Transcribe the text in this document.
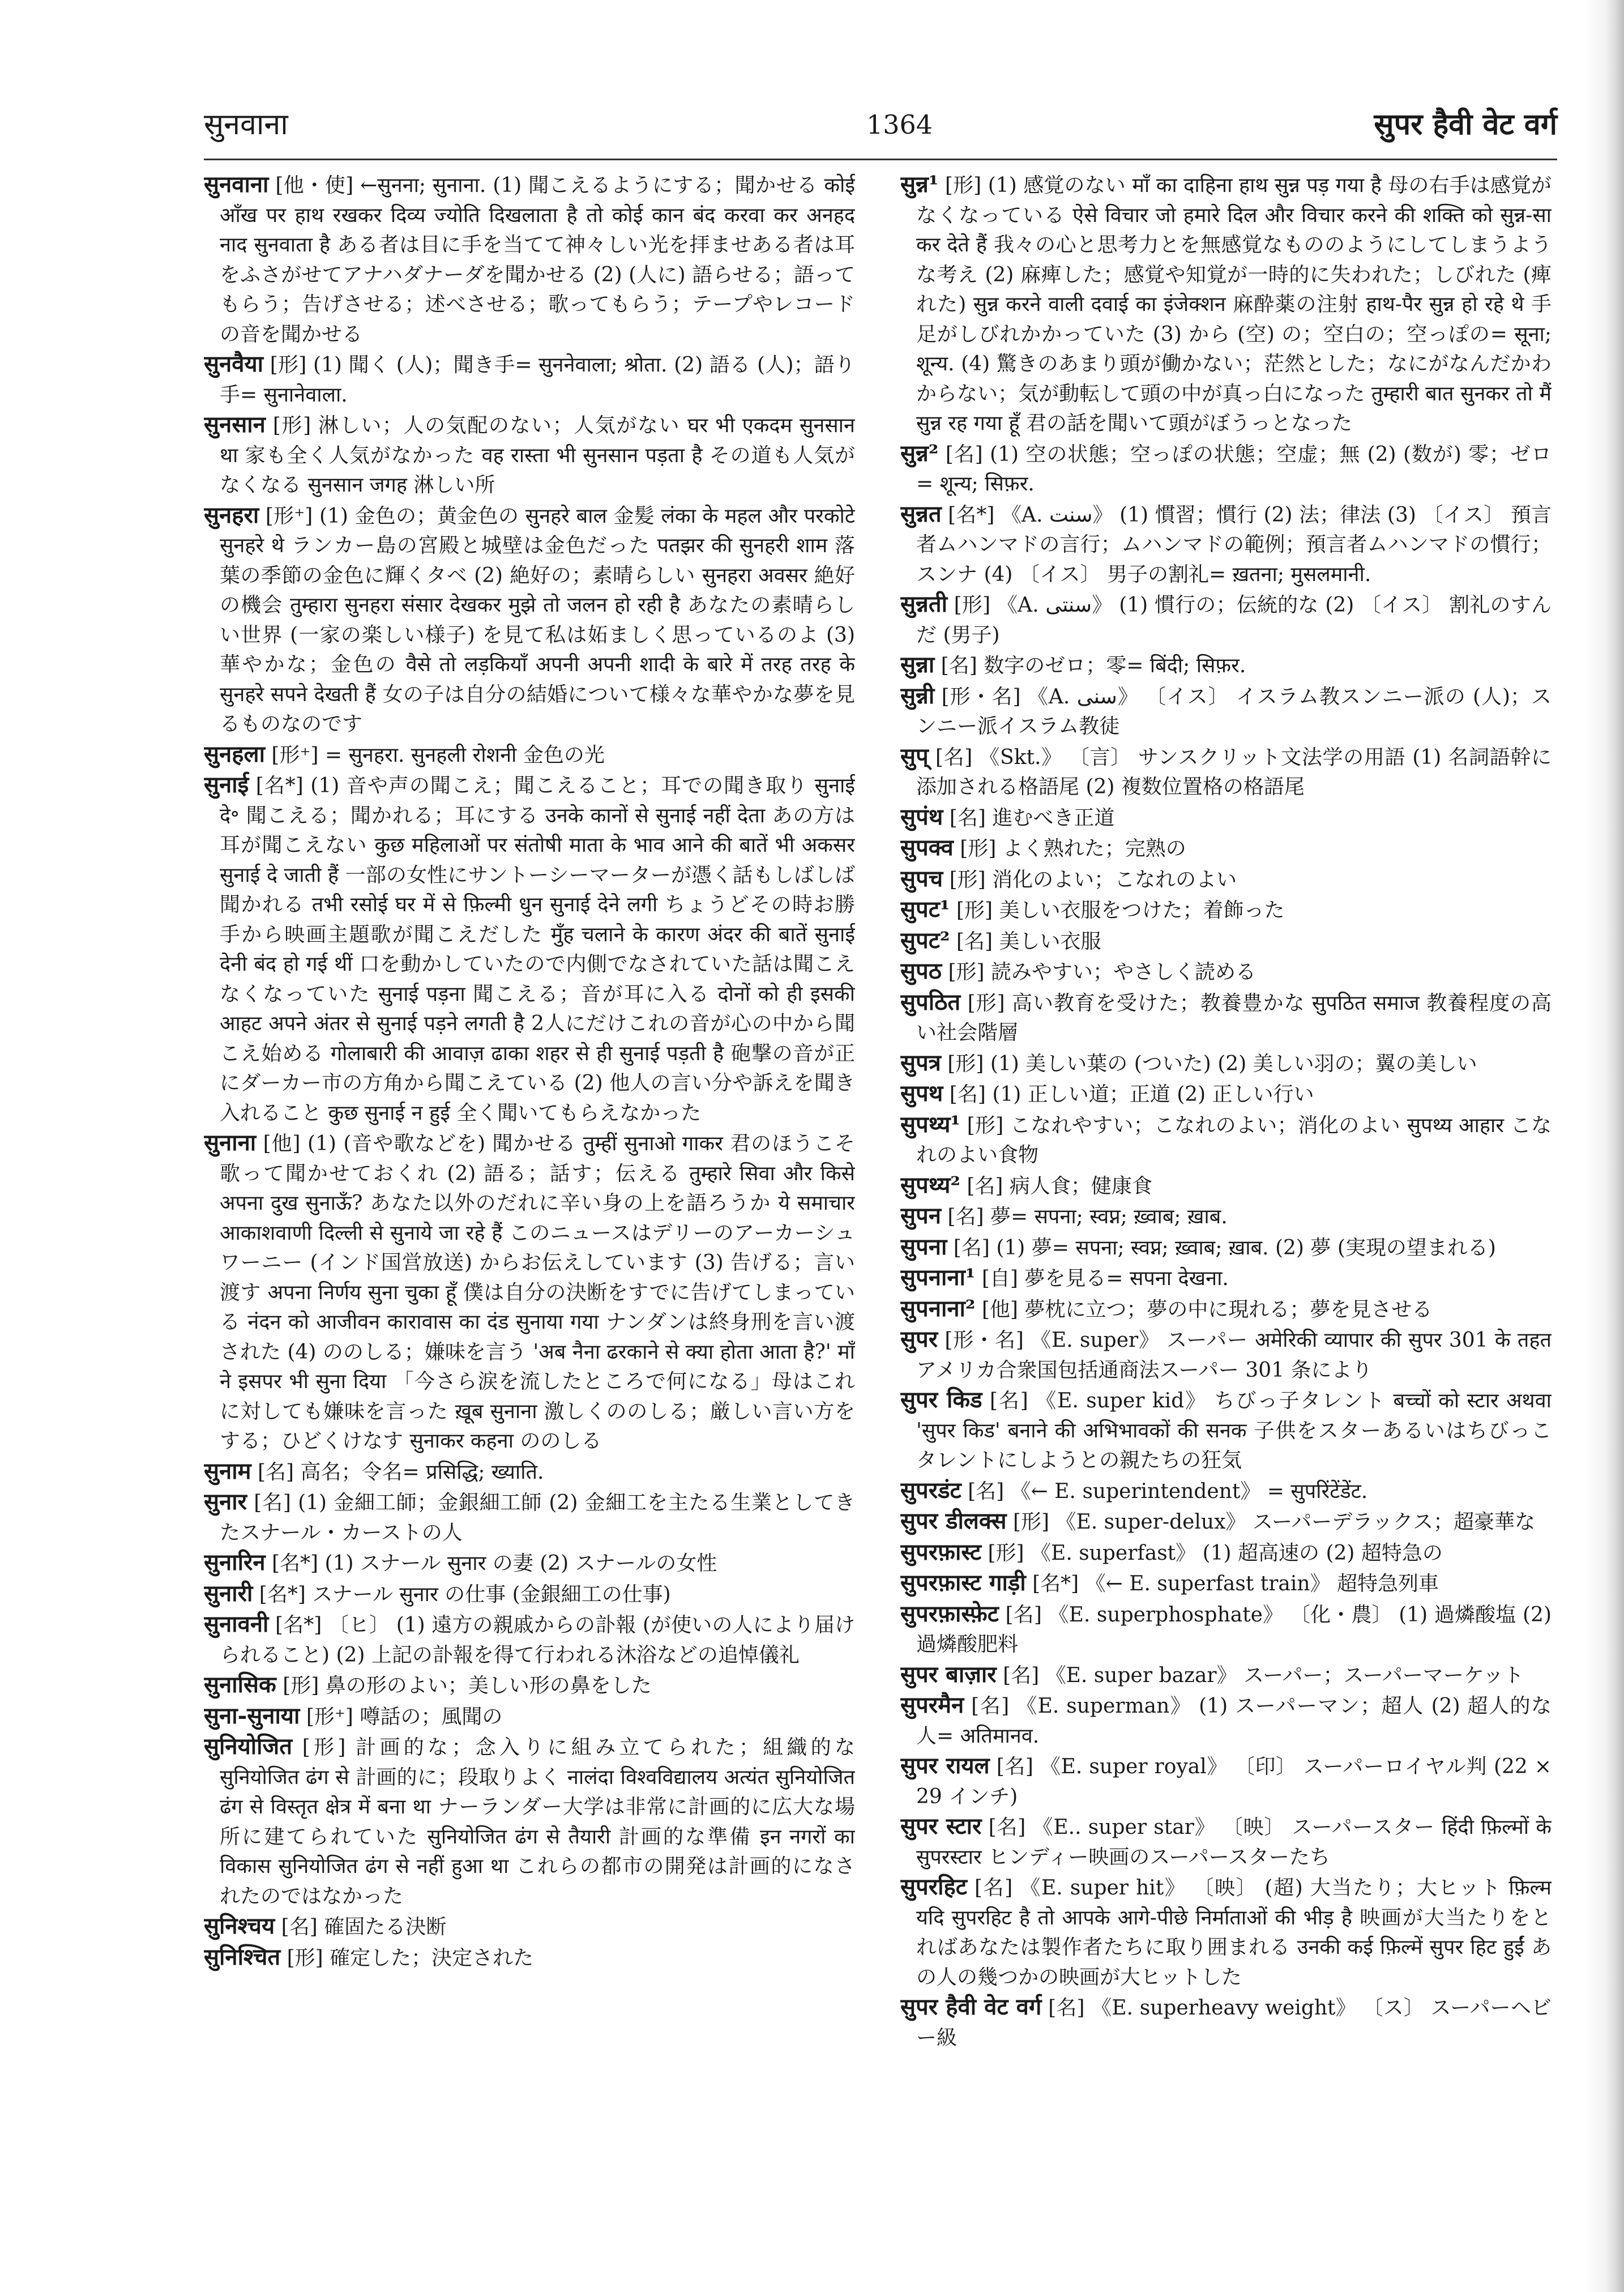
सुनवाना	1364	सुपर हैवी वेट वर्ग

सुनवाना [他・使] ←सुनना; सुनाना. (1) 聞こえるようにする；聞かせる कोई आँख पर हाथ रखकर दिव्य ज्योति दिखलाता है तो कोई कान बंद करवा कर अनहद नाद सुनवाता है ある者は目に手を当てて神々しい光を拝ませある者は耳をふさがせてアナハダナーダを聞かせる (2) (人に) 語らせる；語ってもらう；告げさせる；述べさせる；歌ってもらう；テープやレコードの音を聞かせる

सुनवैया [形] (1) 聞く (人)；聞き手= सुननेवाला; श्रोता. (2) 語る (人)；語り手= सुनानेवाला.

सुनसान [形] 淋しい；人の気配のない；人気がない घर भी एकदम सुनसान था 家も全く人気がなかった वह रास्ता भी सुनसान पड़ता है その道も人気がなくなる सुनसान जगह 淋しい所

सुनहरा [形⁺] (1) 金色の；黄金色の सुनहरे बाल 金髪 लंका के महल और परकोटे सुनहरे थे ランカー島の宮殿と城壁は金色だった पतझर की सुनहरी शाम 落葉の季節の金色に輝くタベ (2) 絶好の；素晴らしい सुनहरा अवसर 絶好の機会 तुम्हारा सुनहरा संसार देखकर मुझे तो जलन हो रही है あなたの素晴らしい世界 (一家の楽しい様子) を見て私は妬ましく思っているのよ (3) 華やかな；金色の वैसे तो लड़कियाँ अपनी अपनी शादी के बारे में तरह तरह के सुनहरे सपने देखती हैं 女の子は自分の結婚について様々な華やかな夢を見るものなのです

सुनहला [形⁺] = सुनहरा. सुनहली रोशनी 金色の光

सुनाई [名*] (1) 音や声の聞こえ；聞こえること；耳での聞き取り सुनाई दे॰ 聞こえる；聞かれる；耳にする उनके कानों से सुनाई नहीं देता あの方は耳が聞こえない कुछ महिलाओं पर संतोषी माता के भाव आने की बातें भी अकसर सुनाई दे जाती हैं 一部の女性にサントーシーマーターが憑く話もしばしば聞かれる तभी रसोई घर में से फ़िल्मी धुन सुनाई देने लगी ちょうどその時お勝手から映画主題歌が聞こえだした मुँह चलाने के कारण अंदर की बातें सुनाई देनी बंद हो गई थीं 口を動かしていたので内側でなされていた話は聞こえなくなっていた सुनाई पड़ना 聞こえる；音が耳に入る दोनों को ही इसकी आहट अपने अंतर से सुनाई पड़ने लगती है 2人にだけこれの音が心の中から聞こえ始める गोलाबारी की आवाज़ ढाका शहर से ही सुनाई पड़ती है 砲撃の音が正にダーカー市の方角から聞こえている (2) 他人の言い分や訴えを聞き入れること कुछ सुनाई न हुई 全く聞いてもらえなかった

सुनाना [他] (1) (音や歌などを) 聞かせる तुम्हीं सुनाओ गाकर 君のほうこそ歌って聞かせておくれ (2) 語る；話す；伝える तुम्हारे सिवा और किसे अपना दुख सुनाऊँ? あなた以外のだれに辛い身の上を語ろうか ये समाचार आकाशवाणी दिल्ली से सुनाये जा रहे हैं このニュースはデリーのアーカーシュワーニー (インド国営放送) からお伝えしています (3) 告げる；言い渡す अपना निर्णय सुना चुका हूँ 僕は自分の決断をすでに告げてしまっている नंदन को आजीवन कारावास का दंड सुनाया गया ナンダンは終身刑を言い渡された (4) ののしる；嫌味を言う 'अब नैना ढरकाने से क्या होता आता है?' माँ ने इसपर भी सुना दिया 「今さら涙を流したところで何になる」母はこれに対しても嫌味を言った ख़ूब सुनाना 激しくののしる；厳しい言い方をする；ひどくけなす सुनाकर कहना ののしる

सुनाम [名] 高名；令名= प्रसिद्धि; ख्याति.

सुनार [名] (1) 金細工師；金銀細工師 (2) 金細工を主たる生業としてきたスナール・カーストの人

सुनारिन [名*] (1) スナール सुनार の妻 (2) スナールの女性

सुनारी [名*] スナール सुनार の仕事 (金銀細工の仕事)

सुनावनी [名*] 〔ヒ〕 (1) 遠方の親戚からの訃報 (が使いの人により届けられること) (2) 上記の訃報を得て行われる沐浴などの追悼儀礼

सुनासिक [形] 鼻の形のよい；美しい形の鼻をした

सुना-सुनाया [形⁺] 噂話の；風聞の

सुनियोजित [形] 計画的な；念入りに組み立てられた；組織的な सुनियोजित ढंग से 計画的に；段取りよく नालंदा विश्वविद्यालय अत्यंत सुनियोजित ढंग से विस्तृत क्षेत्र में बना था ナーランダー大学は非常に計画的に広大な場所に建てられていた सुनियोजित ढंग से तैयारी 計画的な準備 इन नगरों का विकास सुनियोजित ढंग से नहीं हुआ था これらの都市の開発は計画的になされたのではなかった

सुनिश्चय [名] 確固たる決断

सुनिश्चित [形] 確定した；決定された

सुन्न¹ [形] (1) 感覚のない माँ का दाहिना हाथ सुन्न पड़ गया है 母の右手は感覚がなくなっている ऐसे विचार जो हमारे दिल और विचार करने की शक्ति को सुन्न-सा कर देते हैं 我々の心と思考力とを無感覚なもののようにしてしまうような考え (2) 麻痺した；感覚や知覚が一時的に失われた；しびれた (痺れた) सुन्न करने वाली दवाई का इंजेक्शन 麻酔薬の注射 हाथ-पैर सुन्न हो रहे थे 手足がしびれかかっていた (3) から (空) の；空白の；空っぽの= सूना; शून्य. (4) 驚きのあまり頭が働かない；茫然とした；なにがなんだかわからない；気が動転して頭の中が真っ白になった तुम्हारी बात सुनकर तो मैं सुन्न रह गया हूँ 君の話を聞いて頭がぼうっとなった

सुन्न² [名] (1) 空の状態；空っぽの状態；空虚；無 (2) (数が) 零；ゼロ= शून्य; सिफ़र.

सुन्नत [名*] 《A. سنت》 (1) 慣習；慣行 (2) 法；律法 (3) 〔イス〕 預言者ムハンマドの言行；ムハンマドの範例；預言者ムハンマドの慣行；スンナ (4) 〔イス〕 男子の割礼= ख़तना; मुसलमानी.

सुन्नती [形] 《A. سنتی》 (1) 慣行の；伝統的な (2) 〔イス〕 割礼のすんだ (男子)

सुन्ना [名] 数字のゼロ；零= बिंदी; सिफ़र.

सुन्नी [形・名] 《A. سنی》 〔イス〕 イスラム教スンニー派の (人)；スンニー派イスラム教徒

सुप् [名] 《Skt.》 〔言〕 サンスクリット文法学の用語 (1) 名詞語幹に添加される格語尾 (2) 複数位置格の格語尾

सुपंथ [名] 進むべき正道

सुपक्व [形] よく熟れた；完熟の

सुपच [形] 消化のよい；こなれのよい

सुपट¹ [形] 美しい衣服をつけた；着飾った

सुपट² [名] 美しい衣服

सुपठ [形] 読みやすい；やさしく読める

सुपठित [形] 高い教育を受けた；教養豊かな सुपठित समाज 教養程度の高い社会階層

सुपत्र [形] (1) 美しい葉の (ついた) (2) 美しい羽の；翼の美しい

सुपथ [名] (1) 正しい道；正道 (2) 正しい行い

सुपथ्य¹ [形] こなれやすい；こなれのよい；消化のよい सुपथ्य आहार こなれのよい食物

सुपथ्य² [名] 病人食；健康食

सुपन [名] 夢= सपना; स्वप्न; ख़्वाब; ख़ाब.

सुपना [名] (1) 夢= सपना; स्वप्न; ख़्वाब; ख़ाब. (2) 夢 (実現の望まれる)

सुपनाना¹ [自] 夢を見る= सपना देखना.

सुपनाना² [他] 夢枕に立つ；夢の中に現れる；夢を見させる

सुपर [形・名] 《E. super》 スーパー अमेरिकी व्यापार की सुपर 301 के तहत アメリカ合衆国包括通商法スーパー 301 条により

सुपर किड [名] 《E. super kid》 ちびっ子タレント बच्चों को स्टार अथवा 'सुपर किड' बनाने की अभिभावकों की सनक 子供をスターあるいはちびっこタレントにしようとの親たちの狂気

सुपरडंट [名] 《← E. superintendent》 = सुपरिंटेंडेंट.

सुपर डीलक्स [形] 《E. super-delux》 スーパーデラックス；超豪華な

सुपरफ़ास्ट [形] 《E. superfast》 (1) 超高速の (2) 超特急の

सुपरफ़ास्ट गाड़ी [名*] 《← E. superfast train》 超特急列車

सुपरफ़ास्फ़ेट [名] 《E. superphosphate》 〔化・農〕 (1) 過燐酸塩 (2) 過燐酸肥料

सुपर बाज़ार [名] 《E. super bazar》 スーパー；スーパーマーケット

सुपरमैन [名] 《E. superman》 (1) スーパーマン；超人 (2) 超人的な人= अतिमानव.

सुपर रायल [名] 《E. super royal》 〔印〕 スーパーロイヤル判 (22 × 29 インチ)

सुपर स्टार [名] 《E.. super star》 〔映〕 スーパースター हिंदी फ़िल्मों के सुपरस्टार ヒンディー映画のスーパースターたち

सुपरहिट [名] 《E. super hit》 〔映〕 (超) 大当たり；大ヒット फ़िल्म यदि सुपरहिट है तो आपके आगे-पीछे निर्माताओं की भीड़ है 映画が大当たりをとればあなたは製作者たちに取り囲まれる उनकी कई फ़िल्में सुपर हिट हुईं あの人の幾つかの映画が大ヒットした

सुपर हैवी वेट वर्ग [名] 《E. superheavy weight》 〔ス〕 スーパーヘビー級
